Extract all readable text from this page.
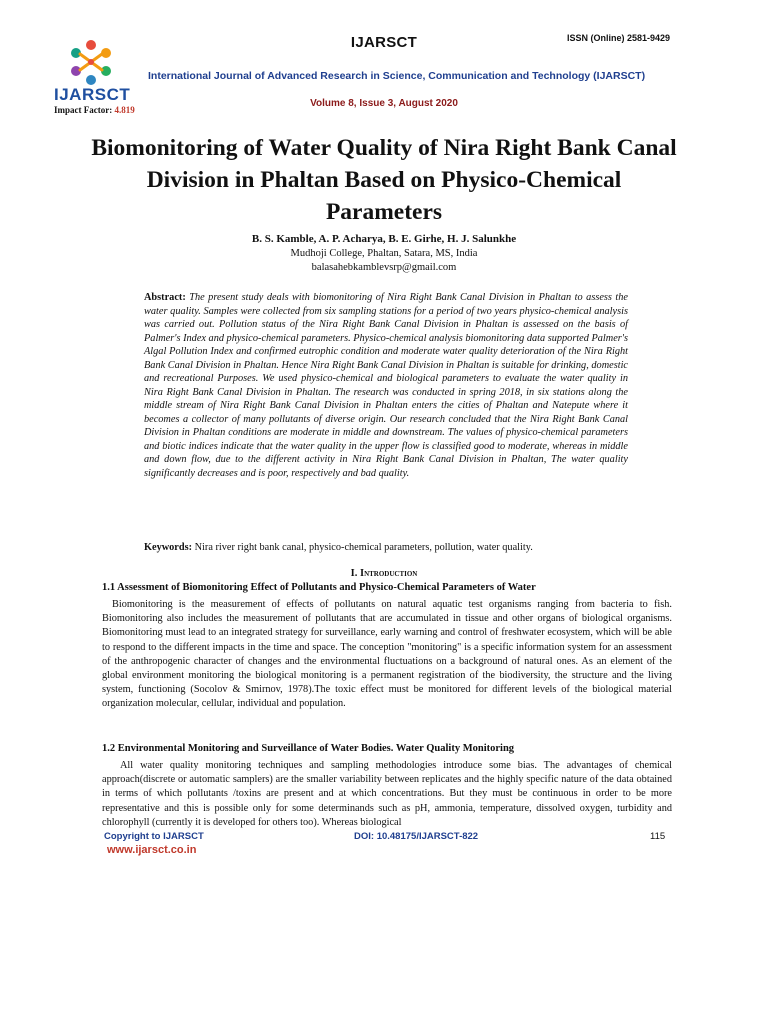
IJARSCT
Impact Factor: 4.819
IJARSCT	ISSN (Online) 2581-9429
International Journal of Advanced Research in Science, Communication and Technology (IJARSCT)
Volume 8, Issue 3, August 2020
Biomonitoring of Water Quality of Nira Right Bank Canal Division in Phaltan Based on Physico-Chemical Parameters
B. S. Kamble, A. P. Acharya, B. E. Girhe, H. J. Salunkhe
Mudhoji College, Phaltan, Satara, MS, India
balasahebkamblevsrp@gmail.com
Abstract: The present study deals with biomonitoring of Nira Right Bank Canal Division in Phaltan to assess the water quality. Samples were collected from six sampling stations for a period of two years physico-chemical analysis was carried out. Pollution status of the Nira Right Bank Canal Division in Phaltan is assessed on the basis of Palmer's Index and physico-chemical parameters. Physico-chemical analysis biomonitoring data supported Palmer's Algal Pollution Index and confirmed eutrophic condition and moderate water quality deterioration of the Nira Right Bank Canal Division in Phaltan. Hence Nira Right Bank Canal Division in Phaltan is suitable for drinking, domestic and recreational Purposes. We used physico-chemical and biological parameters to evaluate the water quality in Nira Right Bank Canal Division in Phaltan. The research was conducted in spring 2018, in six stations along the middle stream of Nira Right Bank Canal Division in Phaltan enters the cities of Phaltan and Natepute where it becomes a collector of many pollutants of diverse origin. Our research concluded that the Nira Right Bank Canal Division in Phaltan conditions are moderate in middle and downstream. The values of physico-chemical parameters and biotic indices indicate that the water quality in the upper flow is classified good to moderate, whereas in middle and down flow, due to the different activity in Nira Right Bank Canal Division in Phaltan, The water quality significantly decreases and is poor, respectively and bad quality.
Keywords: Nira river right bank canal, physico-chemical parameters, pollution, water quality.
I. Introduction
1.1 Assessment of Biomonitoring Effect of Pollutants and Physico-Chemical Parameters of Water
Biomonitoring is the measurement of effects of pollutants on natural aquatic test organisms ranging from bacteria to fish. Biomonitoring also includes the measurement of pollutants that are accumulated in tissue and other organs of biological organisms. Biomonitoring must lead to an integrated strategy for surveillance, early warning and control of freshwater ecosystem, which will be able to respond to the different impacts in the time and space. The conception "monitoring" is a specific information system for an assessment of the anthropogenic character of changes and the environmental fluctuations on a background of natural ones. As an element of the global environment monitoring the biological monitoring is a permanent registration of the biodiversity, the structure and the living system, functioning (Socolov & Smirnov, 1978).The toxic effect must be monitored for different levels of the biological material organization molecular, cellular, individual and population.
1.2 Environmental Monitoring and Surveillance of Water Bodies. Water Quality Monitoring
All water quality monitoring techniques and sampling methodologies introduce some bias. The advantages of chemical approach(discrete or automatic samplers) are the smaller variability between replicates and the highly specific nature of the data obtained in terms of which pollutants /toxins are present and at which concentrations. But they must be continuous in order to be more representative and this is possible only for some determinands such as pH, ammonia, temperature, dissolved oxygen, turbidity and chlorophyll (currently it is developed for others too). Whereas biological
Copyright to IJARSCT	DOI: 10.48175/IJARSCT-822	115
www.ijarsct.co.in
